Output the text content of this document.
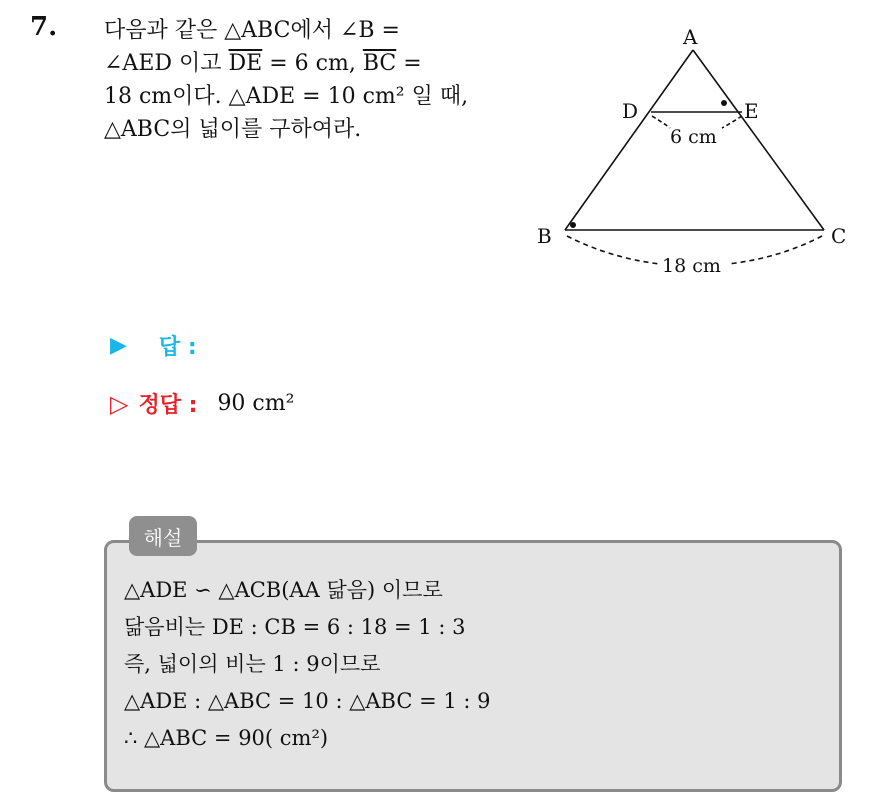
7. 다음과 같은 △ABC에서 ∠B =
∠AED 이고 $\overline{DE} = 6$ cm, $\overline{BC}$ =
18 cm이다. △ADE = 10 cm² 일 때,
△ABC의 넓이를 구하여라.
A
D	E
B	C
6 cm
18 cm
▶ 답 :
▷ 정답 : 90 cm²
해설
△ADE ∽ △ACB(AA 닮음) 이므로
닮음비는 DE : CB = 6 : 18 = 1 : 3
즉, 넓이의 비는 1 : 9이므로
△ADE : △ABC = 10 : △ABC = 1 : 9
∴ △ABC = 90( cm²)
